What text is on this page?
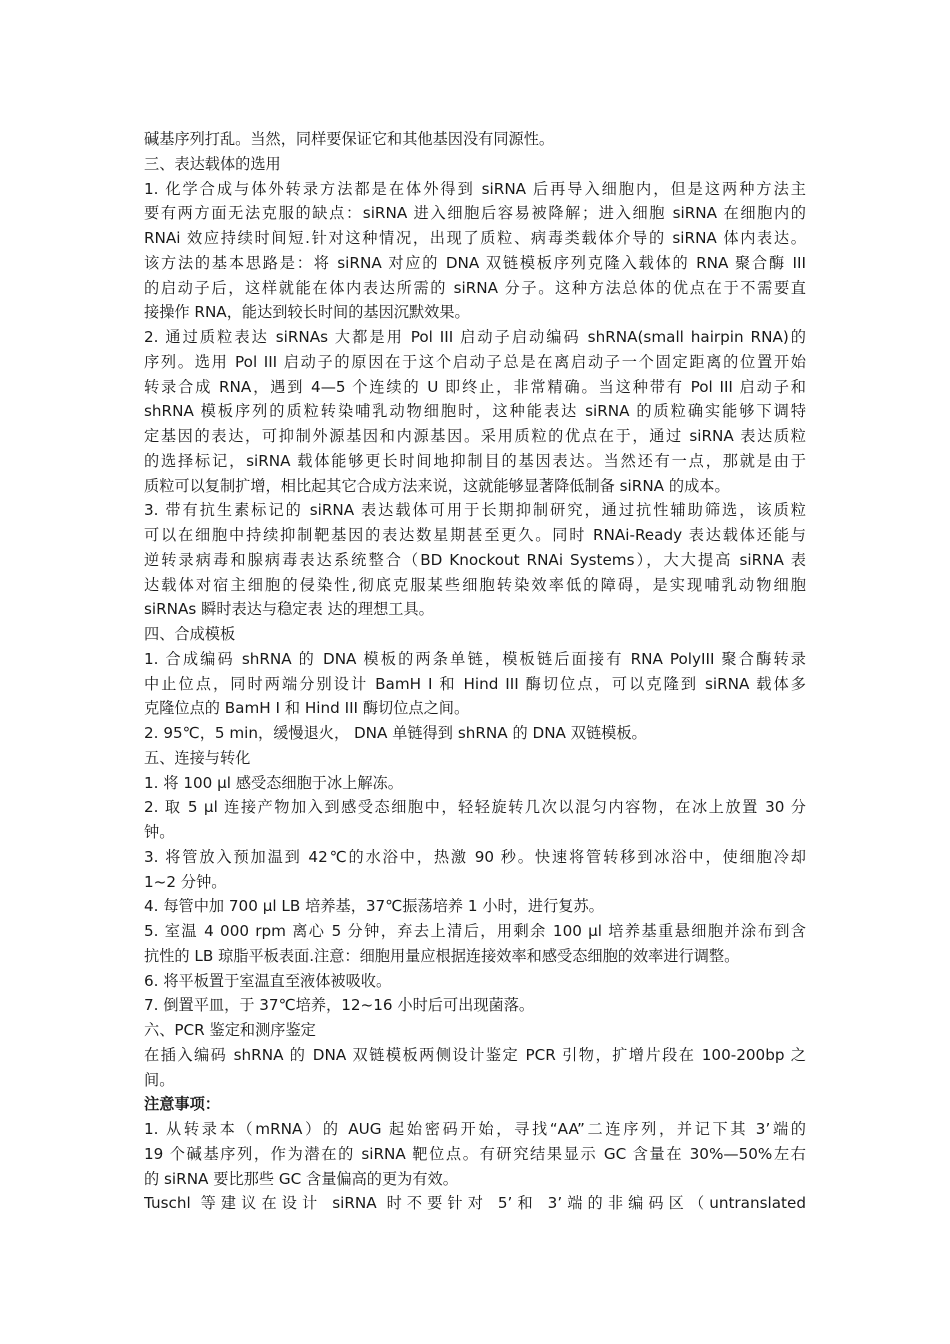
碱基序列打乱。当然，同样要保证它和其他基因没有同源性。
三、表达载体的选用
1. 化学合成与体外转录方法都是在体外得到 siRNA 后再导入细胞内，但是这两种方法主
要有两方面无法克服的缺点：siRNA 进入细胞后容易被降解；进入细胞 siRNA 在细胞内的
RNAi 效应持续时间短.针对这种情况，出现了质粒、病毒类载体介导的 siRNA 体内表达。
该方法的基本思路是：将 siRNA 对应的 DNA 双链模板序列克隆入载体的 RNA 聚合酶 III
的启动子后，这样就能在体内表达所需的 siRNA 分子。这种方法总体的优点在于不需要直
接操作 RNA，能达到较长时间的基因沉默效果。
2. 通过质粒表达 siRNAs 大都是用 Pol III 启动子启动编码 shRNA(small hairpin RNA)的
序列。选用 Pol III 启动子的原因在于这个启动子总是在离启动子一个固定距离的位置开始
转录合成 RNA，遇到 4—5 个连续的 U 即终止，非常精确。当这种带有 Pol III 启动子和
shRNA 模板序列的质粒转染哺乳动物细胞时，这种能表达 siRNA 的质粒确实能够下调特
定基因的表达，可抑制外源基因和内源基因。采用质粒的优点在于，通过 siRNA 表达质粒
的选择标记，siRNA 载体能够更长时间地抑制目的基因表达。当然还有一点，那就是由于
质粒可以复制扩增，相比起其它合成方法来说，这就能够显著降低制备 siRNA 的成本。
3. 带有抗生素标记的 siRNA 表达载体可用于长期抑制研究，通过抗性辅助筛选，该质粒
可以在细胞中持续抑制靶基因的表达数星期甚至更久。同时 RNAi-Ready 表达载体还能与
逆转录病毒和腺病毒表达系统整合（BD Knockout RNAi Systems），大大提高 siRNA 表
达载体对宿主细胞的侵染性,彻底克服某些细胞转染效率低的障碍，是实现哺乳动物细胞
siRNAs 瞬时表达与稳定表 达的理想工具。
四、合成模板
1. 合成编码 shRNA 的 DNA 模板的两条单链，模板链后面接有 RNA PolyIII 聚合酶转录
中止位点，同时两端分别设计 BamH I 和 Hind III 酶切位点，可以克隆到 siRNA 载体多
克隆位点的 BamH I 和 Hind III 酶切位点之间。
2. 95℃，5 min，缓慢退火， DNA 单链得到 shRNA 的 DNA 双链模板。
五、连接与转化
1. 将 100 μl 感受态细胞于冰上解冻。
2. 取 5 μl 连接产物加入到感受态细胞中，轻轻旋转几次以混匀内容物，在冰上放置 30 分
钟。
3. 将管放入预加温到 42℃的水浴中，热激 90 秒。快速将管转移到冰浴中，使细胞冷却
1~2 分钟。
4. 每管中加 700 μl LB 培养基，37℃振荡培养 1 小时，进行复苏。
5. 室温 4 000 rpm 离心 5 分钟，弃去上清后，用剩余 100 μl 培养基重悬细胞并涂布到含
抗性的 LB 琼脂平板表面.注意：细胞用量应根据连接效率和感受态细胞的效率进行调整。
6. 将平板置于室温直至液体被吸收。
7. 倒置平皿，于 37℃培养，12~16 小时后可出现菌落。
六、PCR 鉴定和测序鉴定
在插入编码 shRNA 的 DNA 双链模板两侧设计鉴定 PCR 引物，扩增片段在 100-200bp 之
间。
注意事项：
1. 从转录本（mRNA）的 AUG 起始密码开始，寻找“AA”二连序列，并记下其 3’端的
19 个碱基序列，作为潜在的 siRNA 靶位点。有研究结果显示 GC 含量在 30%—50%左右
的 siRNA 要比那些 GC 含量偏高的更为有效。
Tuschl 等建议在设计 siRNA 时不要针对 5’和 3’端的非编码区（untranslated
